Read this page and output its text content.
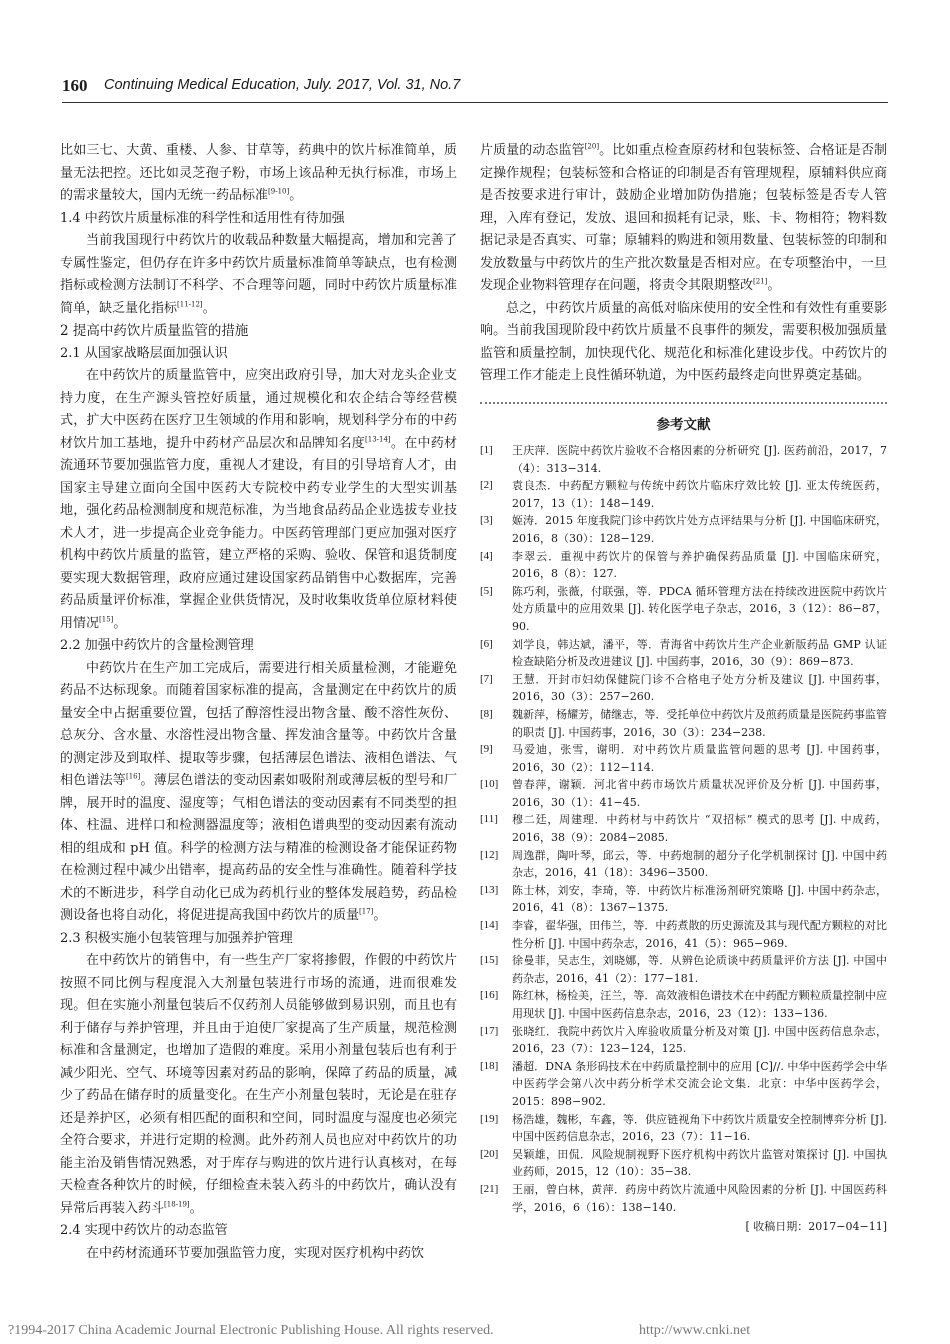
160 Continuing Medical Education, July. 2017, Vol. 31, No.7

比如三七、大黄、重楼、人参、甘草等，药典中的饮片标准简单，质量无法把控。还比如灵芝孢子粉，市场上该品种无执行标准，市场上的需求量较大，国内无统一药品标准[9-10]。

1.4 中药饮片质量标准的科学性和适用性有待加强

当前我国现行中药饮片的收载品种数量大幅提高，增加和完善了专属性鉴定，但仍存在许多中药饮片质量标准简单等缺点，也有检测指标或检测方法制订不科学、不合理等问题，同时中药饮片质量标准简单，缺乏量化指标[11-12]。

2 提高中药饮片质量监管的措施
2.1 从国家战略层面加强认识

在中药饮片的质量监管中，应突出政府引导，加大对龙头企业支持力度，在生产源头管控好质量，通过规模化和农企结合等经营模式，扩大中医药在医疗卫生领域的作用和影响，规划科学分布的中药材饮片加工基地，提升中药材产品层次和品牌知名度[13-14]。在中药材流通环节要加强监管力度，重视人才建设，有目的引导培育人才，由国家主导建立面向全国中医药大专院校中药专业学生的大型实训基地，强化药品检测制度和规范标准，为当地食品药品企业选拔专业技术人才，进一步提高企业竞争能力。中医药管理部门更应加强对医疗机构中药饮片质量的监管，建立严格的采购、验收、保管和退货制度要实现大数据管理，政府应通过建设国家药品销售中心数据库，完善药品质量评价标准，掌握企业供货情况，及时收集收货单位原材料使用情况[15]。

2.2 加强中药饮片的含量检测管理

中药饮片在生产加工完成后，需要进行相关质量检测，才能避免药品不达标现象。而随着国家标准的提高，含量测定在中药饮片的质量安全中占据重要位置，包括了醇溶性浸出物含量、酸不溶性灰份、总灰分、含水量、水溶性浸出物含量、挥发油含量等。中药饮片含量的测定涉及到取样、提取等步骤，包括薄层色谱法、液相色谱法、气相色谱法等[16]。薄层色谱法的变动因素如吸附剂或薄层板的型号和厂牌，展开时的温度、湿度等；气相色谱法的变动因素有不同类型的担体、柱温、进样口和检测器温度等；液相色谱典型的变动因素有流动相的组成和 pH 值。科学的检测方法与精准的检测设备才能保证药物在检测过程中减少出错率，提高药品的安全性与准确性。随着科学技术的不断进步，科学自动化已成为药机行业的整体发展趋势，药品检测设备也将自动化，将促进提高我国中药饮片的质量[17]。

2.3 积极实施小包装管理与加强养护管理

在中药饮片的销售中，有一些生产厂家将掺假，作假的中药饮片按照不同比例与程度混入大剂量包装进行市场的流通，进而很难发现。但在实施小剂量包装后不仅药剂人员能够做到易识别，而且也有利于储存与养护管理，并且由于迫使厂家提高了生产质量，规范检测标准和含量测定，也增加了造假的难度。采用小剂量包装后也有利于减少阳光、空气、环境等因素对药品的影响，保障了药品的质量，减少了药品在储存时的质量变化。在生产小剂量包装时，无论是在驻存还是养护区，必须有相匹配的面积和空间，同时温度与湿度也必须完全符合要求，并进行定期的检测。此外药剂人员也应对中药饮片的功能主治及销售情况熟悉，对于库存与购进的饮片进行认真核对，在每天检查各种饮片的时候，仔细检查未装入药斗的中药饮片，确认没有异常后再装入药斗[18-19]。

2.4 实现中药饮片的动态监管

在中药材流通环节要加强监管力度，实现对医疗机构中药饮

片质量的动态监管[20]。比如重点检查原药材和包装标签、合格证是否制定操作规程；包装标签和合格证的印制是否有管理规程，原辅料供应商是否按要求进行审计，鼓励企业增加防伪措施；包装标签是否专人管理，入库有登记，发放、退回和损耗有记录，账、卡、物相符；物料数据记录是否真实、可靠；原辅料的购进和领用数量、包装标签的印制和发放数量与中药饮片的生产批次数量是否相对应。在专项整治中，一旦发现企业物料管理存在问题，将责令其限期整改[21]。

总之，中药饮片质量的高低对临床使用的安全性和有效性有重要影响。当前我国现阶段中药饮片质量不良事件的频发，需要积极加强质量监管和质量控制，加快现代化、规范化和标准化建设步伐。中药饮片的管理工作才能走上良性循环轨道，为中医药最终走向世界奠定基础。

参考文献
[1]	王庆萍．医院中药饮片验收不合格因素的分析研究 [J]. 医药前沿，2017，7（4）：313−314.
[2]	袁良杰．中药配方颗粒与传统中药饮片临床疗效比较 [J]. 亚太传统医药，2017，13（1）：148−149.
[3]	姬涛．2015 年度我院门诊中药饮片处方点评结果与分析 [J]. 中国临床研究，2016，8（30）：128−129.
[4]	李翠云．重视中药饮片的保管与养护确保药品质量 [J]. 中国临床研究，2016，8（8）：127.
[5]	陈巧利，张薇，付联强，等．PDCA 循环管理方法在持续改进医院中药饮片处方质量中的应用效果 [J]. 转化医学电子杂志，2016，3（12）：86−87，90.
[6]	刘学良，韩达斌，潘平，等．青海省中药饮片生产企业新版药品 GMP 认证检查缺陷分析及改进建议 [J]. 中国药事，2016，30（9）：869−873.
[7]	王慧．开封市妇幼保健院门诊不合格电子处方分析及建议 [J]. 中国药事，2016，30（3）：257−260.
[8]	魏新萍，杨耀芳，储继志，等．受托单位中药饮片及煎药质量是医院药事监管的职责 [J]. 中国药事，2016，30（3）：234−238.
[9]	马爱迪，张雪，谢明．对中药饮片质量监管问题的思考 [J]. 中国药事，2016，30（2）：112−114.
[10]	曾春萍，谢颖．河北省中药市场饮片质量状况评价及分析 [J]. 中国药事，2016，30（1）：41−45.
[11]	穆二廷，周建理．中药材与中药饮片 “双招标” 模式的思考 [J]. 中成药，2016，38（9）：2084−2085.
[12]	周逸群，陶叶琴，邱云，等．中药炮制的超分子化学机制探讨 [J]. 中国中药杂志，2016，41（18）：3496−3500.
[13]	陈士林，刘安，李琦，等．中药饮片标准汤剂研究策略 [J]. 中国中药杂志，2016，41（8）：1367−1375.
[14]	李睿，翟华强，田伟兰，等．中药煮散的历史源流及其与现代配方颗粒的对比性分析 [J]. 中国中药杂志，2016，41（5）：965−969.
[15]	徐曼菲，吴志生，刘晓娜，等．从辨色论质谈中药质量评价方法 [J]. 中国中药杂志，2016，41（2）：177−181.
[16]	陈红林，杨检美，汪兰，等．高效液相色谱技术在中药配方颗粒质量控制中应用现状 [J]. 中国中医药信息杂志，2016，23（12）：133−136.
[17]	张晓红．我院中药饮片入库验收质量分析及对策 [J]. 中国中医药信息杂志，2016，23（7）：123−124，125.
[18]	潘超．DNA 条形码技术在中药质量控制中的应用 [C]//. 中华中医药学会中华中医药学会第八次中药分析学术交流会论文集．北京：中华中医药学会，2015：898−902.
[19]	杨浩雄，魏彬，车鑫，等．供应链视角下中药饮片质量安全控制博弈分析 [J]. 中国中医药信息杂志，2016，23（7）：11−16.
[20]	吴颖雄，田侃．风险规制视野下医疗机构中药饮片监管对策探讨 [J]. 中国执业药师，2015，12（10）：35−38.
[21]	王丽，曾白林，黄萍．药房中药饮片流通中风险因素的分析 [J]. 中国医药科学，2016，6（16）：138−140.
[ 收稿日期：2017−04−11]
?1994-2017 China Academic Journal Electronic Publishing House. All rights reserved.	http://www.cnki.net
